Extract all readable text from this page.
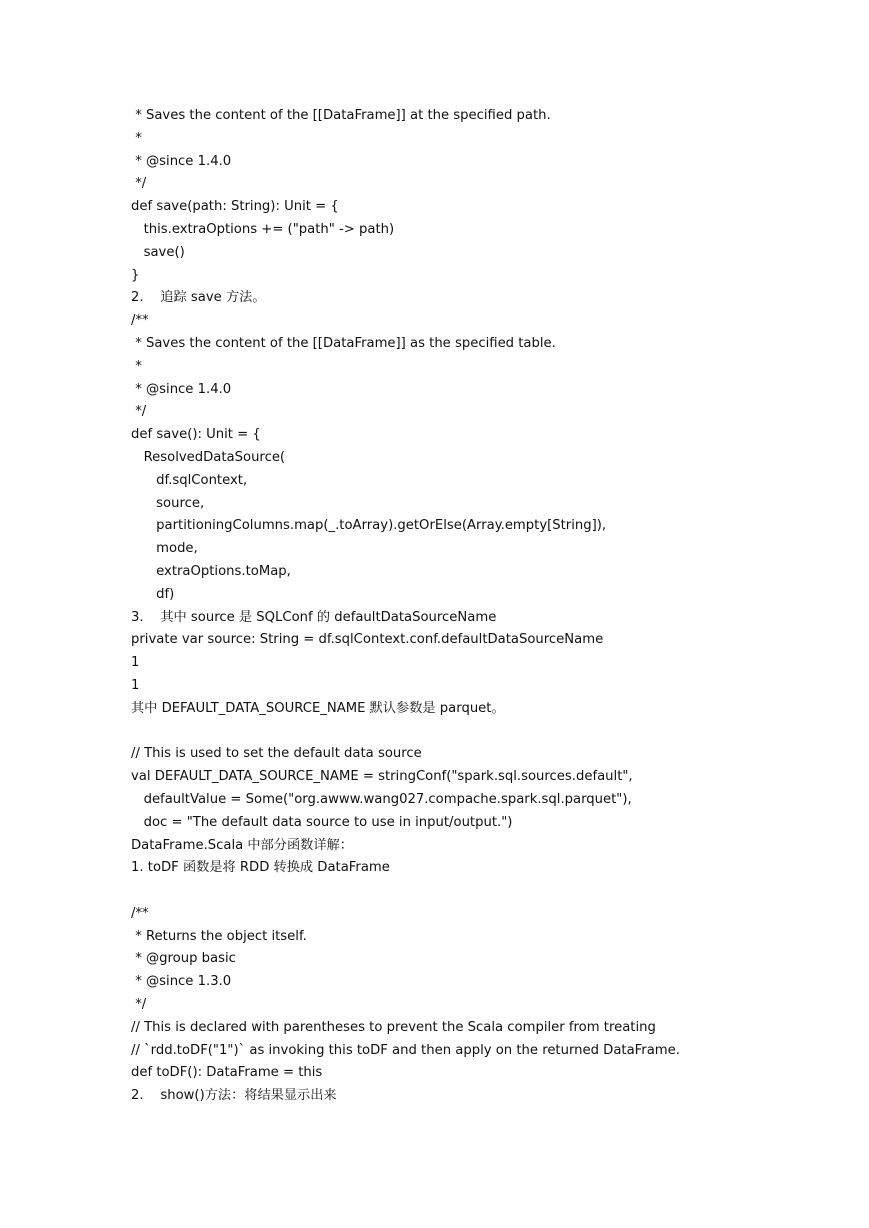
* Saves the content of the [[DataFrame]] at the specified path.
*
* @since 1.4.0
*/
def save(path: String): Unit = {
this.extraOptions += ("path" -> path)
save()
}
2.    追踪 save 方法。
/**
* Saves the content of the [[DataFrame]] as the specified table.
*
* @since 1.4.0
*/
def save(): Unit = {
ResolvedDataSource(
df.sqlContext,
source,
partitioningColumns.map(_.toArray).getOrElse(Array.empty[String]),
mode,
extraOptions.toMap,
df)
3.    其中 source 是 SQLConf 的 defaultDataSourceName
private var source: String = df.sqlContext.conf.defaultDataSourceName
1
1
其中 DEFAULT_DATA_SOURCE_NAME 默认参数是 parquet。
// This is used to set the default data source
val DEFAULT_DATA_SOURCE_NAME = stringConf("spark.sql.sources.default",
defaultValue = Some("org.awww.wang027.compache.spark.sql.parquet"),
doc = "The default data source to use in input/output.")
DataFrame.Scala 中部分函数详解：
1. toDF 函数是将 RDD 转换成 DataFrame
/**
* Returns the object itself.
* @group basic
* @since 1.3.0
*/
// This is declared with parentheses to prevent the Scala compiler from treating
// `rdd.toDF("1")` as invoking this toDF and then apply on the returned DataFrame.
def toDF(): DataFrame = this
2.    show()方法：将结果显示出来
